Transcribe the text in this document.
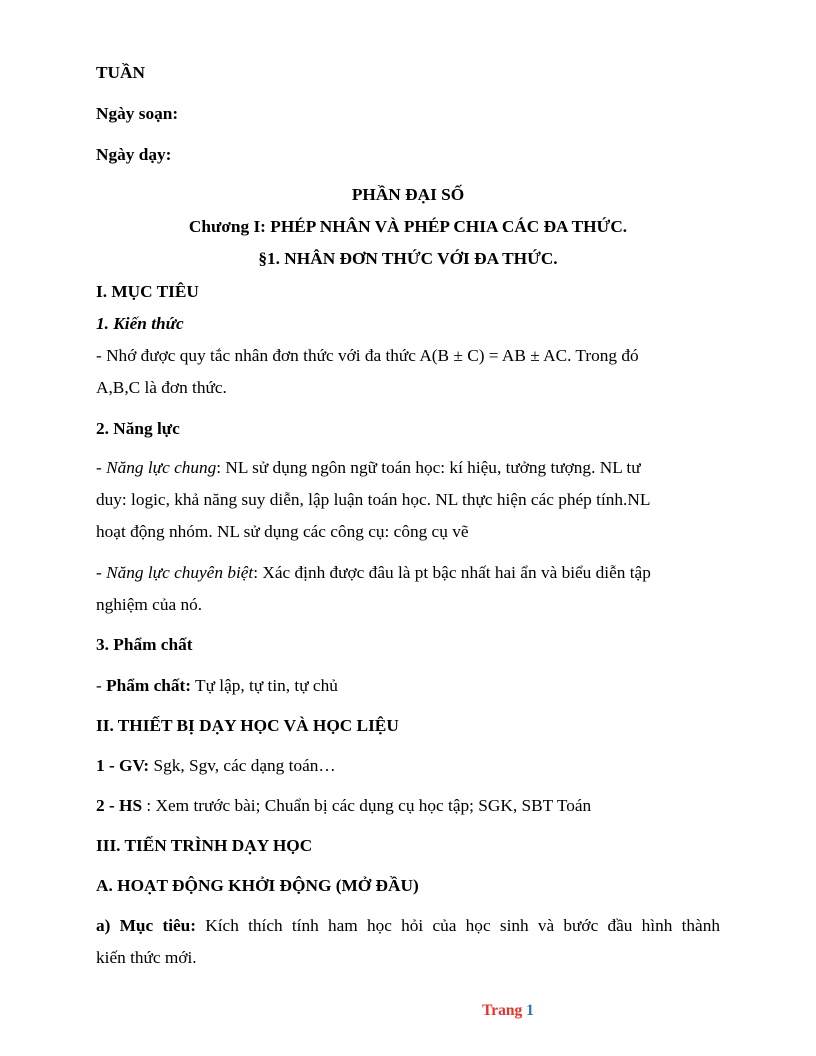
TUẦN
Ngày soạn:
Ngày dạy:
PHẦN ĐẠI SỐ
Chương I: PHÉP NHÂN VÀ PHÉP CHIA CÁC ĐA THỨC.
§1. NHÂN ĐƠN THỨC VỚI ĐA THỨC.
I. MỤC TIÊU
1. Kiến thức
- Nhớ được quy tắc nhân đơn thức với đa thức A(B ± C) = AB ± AC. Trong đó
A,B,C là đơn thức.
2. Năng lực
- Năng lực chung: NL sử dụng ngôn ngữ toán học: kí hiệu, tưởng tượng. NL tư
duy: logic, khả năng suy diễn, lập luận toán học. NL thực hiện các phép tính.NL
hoạt động nhóm. NL sử dụng các công cụ: công cụ vẽ
- Năng lực chuyên biệt: Xác định được đâu là pt bậc nhất hai ẩn và biểu diễn tập
nghiệm của nó.
3. Phẩm chất
- Phẩm chất: Tự lập, tự tin, tự chủ
II. THIẾT BỊ DẠY HỌC VÀ HỌC LIỆU
1 - GV: Sgk, Sgv, các dạng toán…
2 - HS : Xem trước bài; Chuẩn bị các dụng cụ học tập; SGK, SBT Toán
III. TIẾN TRÌNH DẠY HỌC
A. HOẠT ĐỘNG KHỞI ĐỘNG (MỞ ĐẦU)
a) Mục tiêu: Kích thích tính ham học hỏi của học sinh và bước đầu hình thành
kiến thức mới.
Trang 1
